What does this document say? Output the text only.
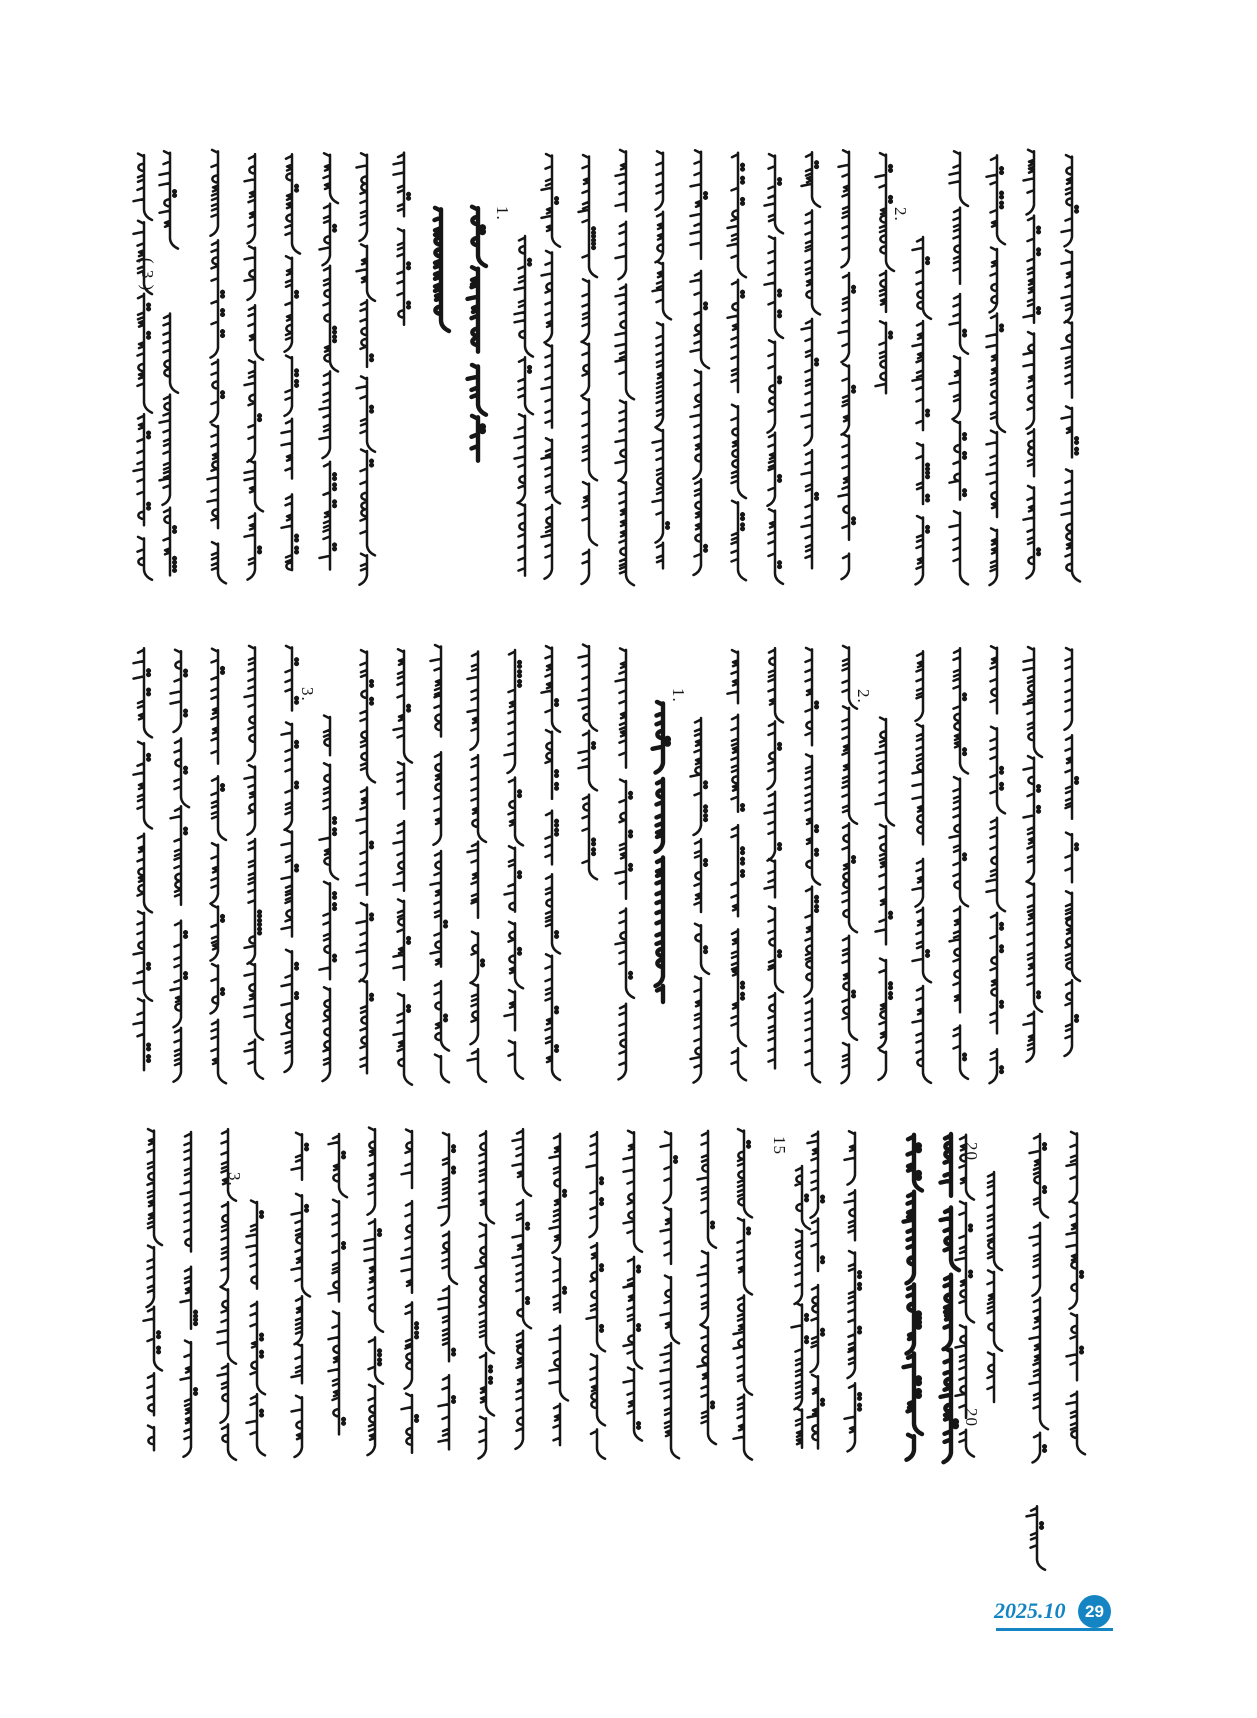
( 3 )
1.	2.
3.	1.	2.
3.
15	20
20
2025.10	29
